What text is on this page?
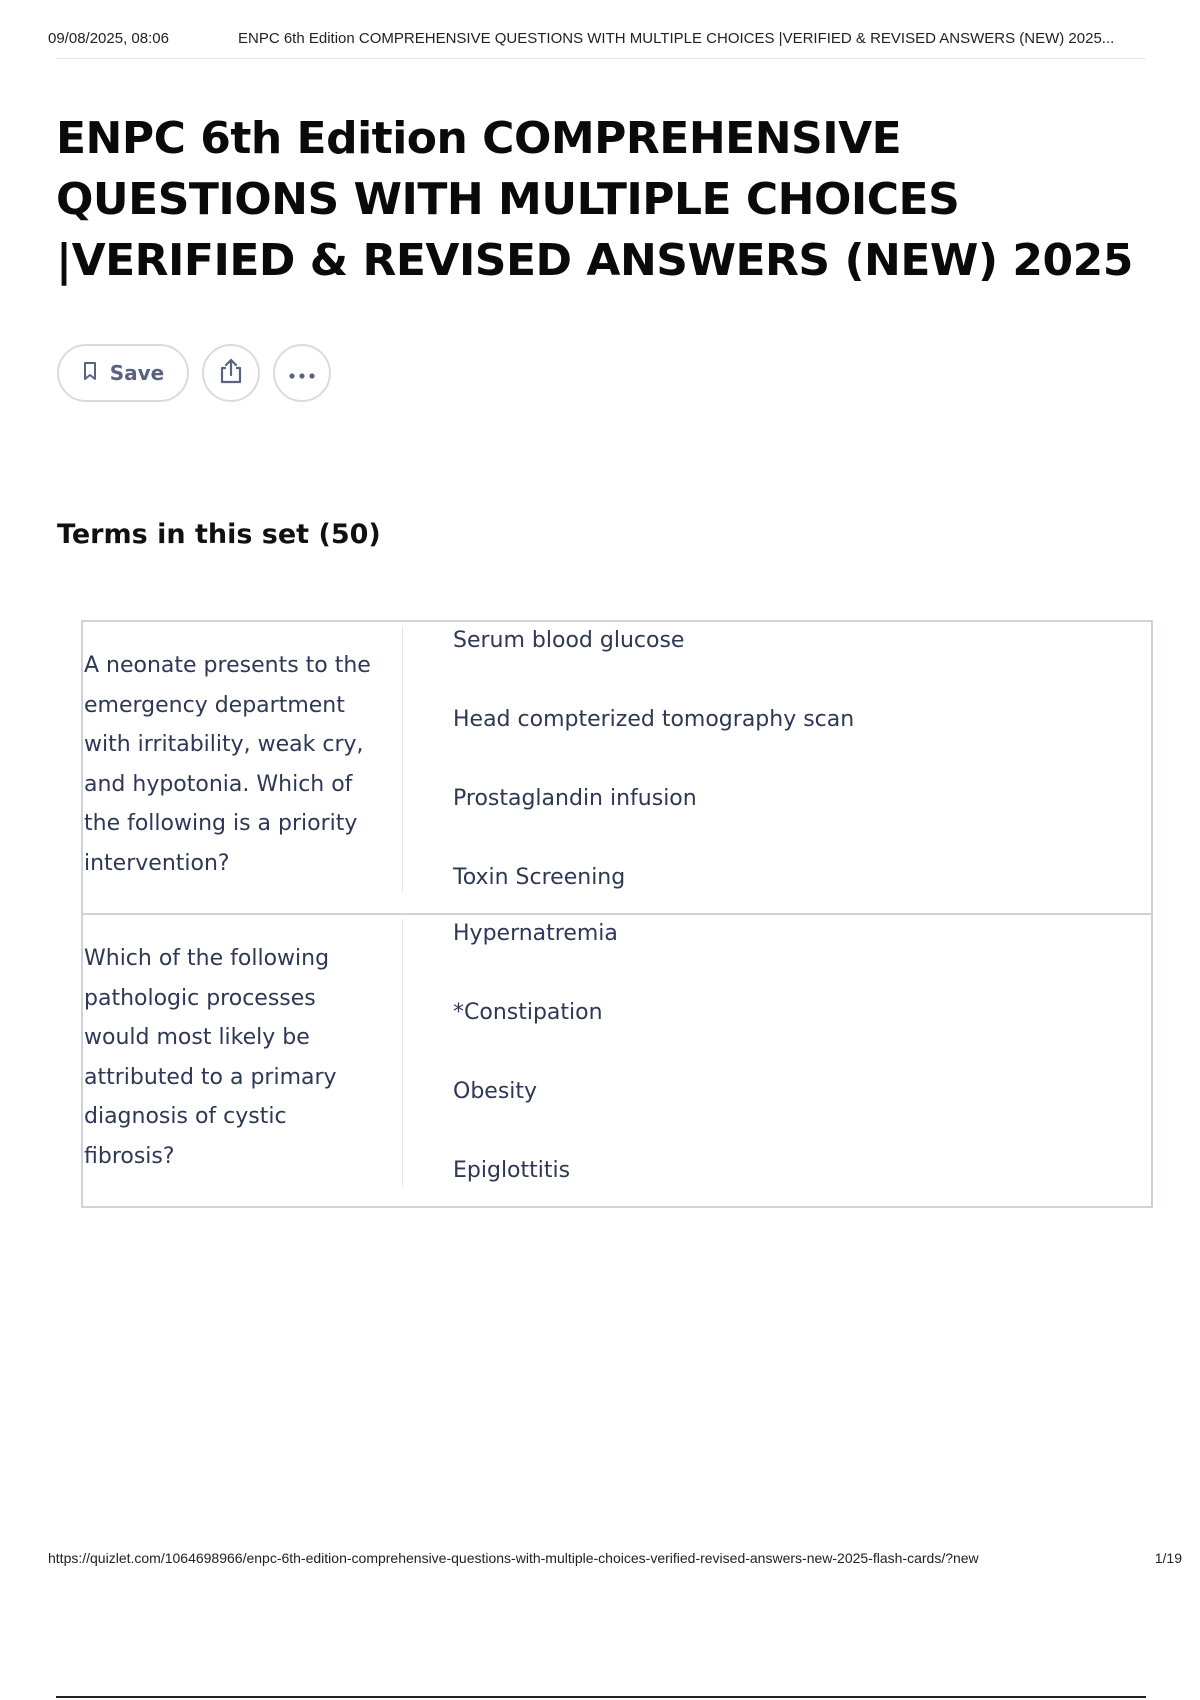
09/08/2025, 08:06	ENPC 6th Edition COMPREHENSIVE QUESTIONS WITH MULTIPLE CHOICES |VERIFIED & REVISED ANSWERS (NEW) 2025...
ENPC 6th Edition COMPREHENSIVE QUESTIONS WITH MULTIPLE CHOICES |VERIFIED & REVISED ANSWERS (NEW) 2025
Save
Terms in this set (50)
A neonate presents to the emergency department with irritability, weak cry, and hypotonia. Which of the following is a priority intervention?
Serum blood glucose
Head compterized tomography scan
Prostaglandin infusion
Toxin Screening
Which of the following pathologic processes would most likely be attributed to a primary diagnosis of cystic fibrosis?
Hypernatremia
*Constipation
Obesity
Epiglottitis
https://quizlet.com/1064698966/enpc-6th-edition-comprehensive-questions-with-multiple-choices-verified-revised-answers-new-2025-flash-cards/?new	1/19
